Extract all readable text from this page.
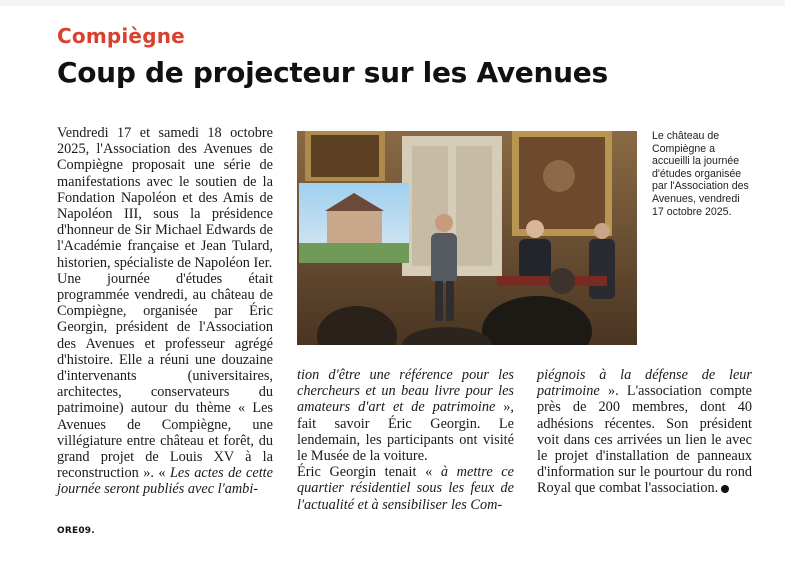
Compiègne
Coup de projecteur sur les Avenues

Vendredi 17 et samedi 18 octobre 2025, l'Association des Avenues de Compiègne proposait une série de manifestations avec le soutien de la Fondation Napoléon et des Amis de Napoléon III, sous la présidence d'honneur de Sir Michael Edwards de l'Académie française et Jean Tulard, historien, spécialiste de Napoléon Ier.

Une journée d'études était programmée vendredi, au château de Compiègne, organisée par Éric Georgin, président de l'Association des Avenues et professeur agrégé d'histoire. Elle a réuni une douzaine d'intervenants (universitaires, architectes, conservateurs du patrimoine) autour du thème « Les Avenues de Compiègne, une villégiature entre château et forêt, du grand projet de Louis XV à la reconstruction ». « Les actes de cette journée seront publiés avec l'ambi-

Le château de Compiègne a accueilli la journée d'études organisée par l'Association des Avenues, vendredi 17 octobre 2025.

tion d'être une référence pour les chercheurs et un beau livre pour les amateurs d'art et de patrimoine », fait savoir Éric Georgin. Le lendemain, les participants ont visité le Musée de la voiture.

Éric Georgin tenait « à mettre ce quartier résidentiel sous les feux de l'actualité et à sensibiliser les Com-

piégnois à la défense de leur patrimoine ». L'association compte près de 200 membres, dont 40 adhésions récentes. Son président voit dans ces arrivées un lien le avec le projet d'installation de panneaux d'information sur le pourtour du rond Royal que combat l'association.

ORE09.
